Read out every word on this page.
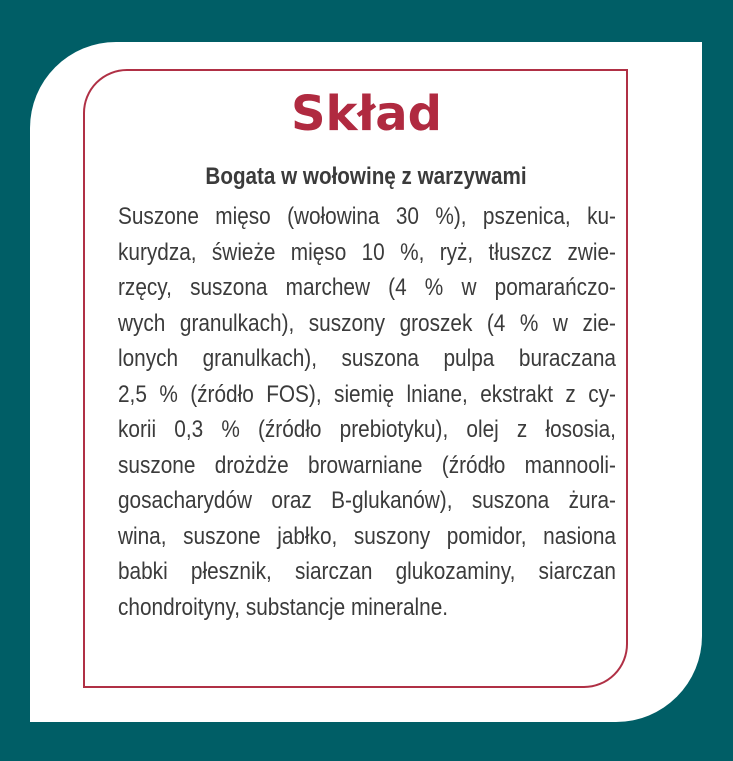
Skład
Bogata w wołowinę z warzywami
Suszone mięso (wołowina 30 %), pszenica, ku-
kurydza, świeże mięso 10 %, ryż, tłuszcz zwie-
rzęcy, suszona marchew (4 % w pomarańczo-
wych granulkach), suszony groszek (4 % w zie-
lonych granulkach), suszona pulpa buraczana
2,5 % (źródło FOS), siemię lniane, ekstrakt z cy-
korii 0,3 % (źródło prebiotyku), olej z łososia,
suszone drożdże browarniane (źródło mannooli-
gosacharydów oraz B-glukanów), suszona żura-
wina, suszone jabłko, suszony pomidor, nasiona
babki płesznik, siarczan glukozaminy, siarczan
chondroityny, substancje mineralne.
